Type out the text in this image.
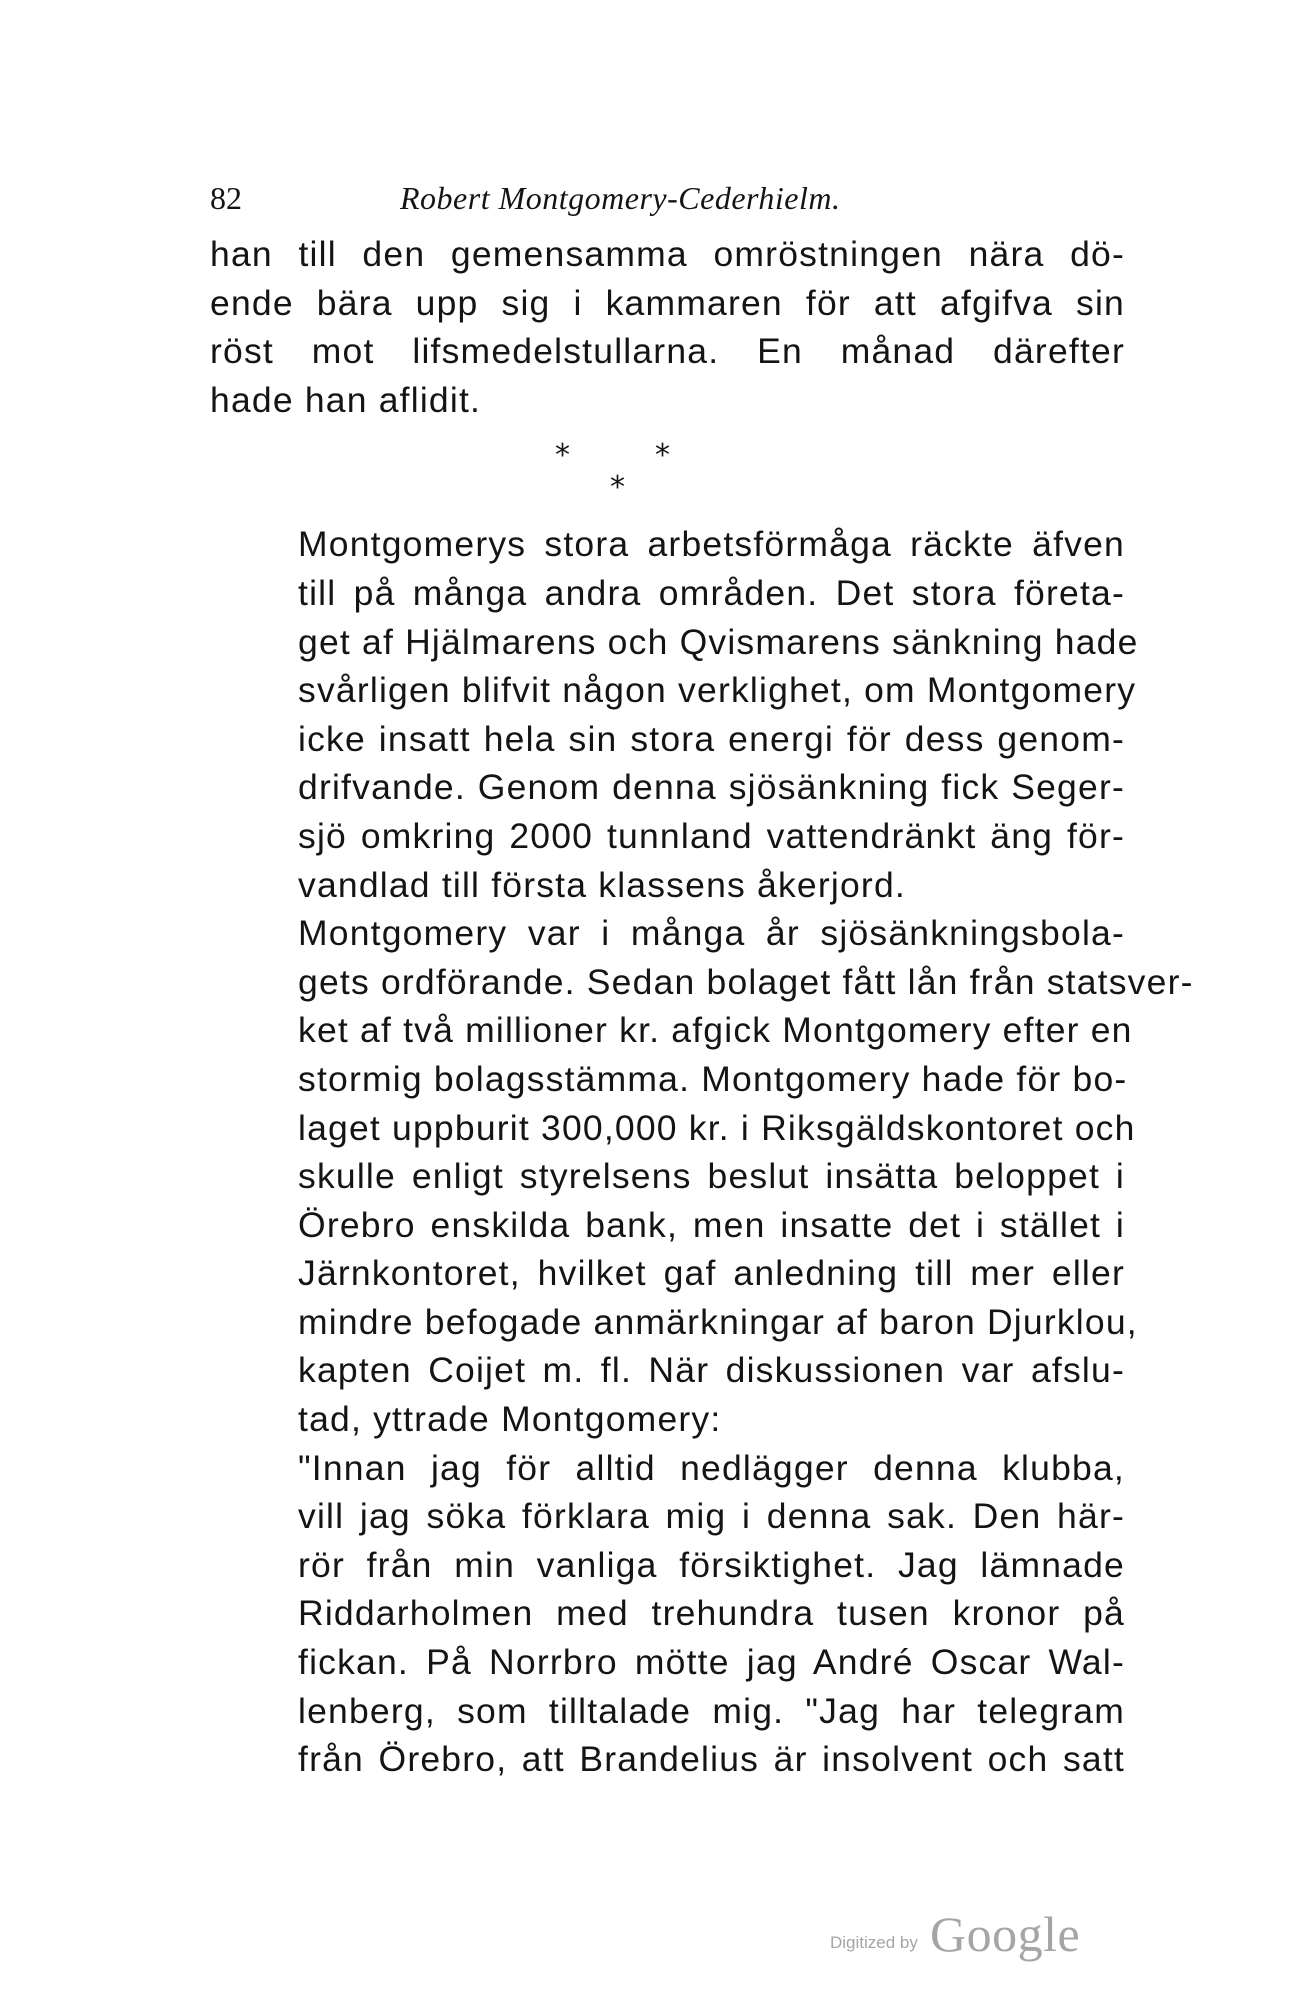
82	Robert Montgomery-Cederhielm.

han till den gemensamma omröstningen nära dö-
ende bära upp sig i kammaren för att afgifva sin
röst mot lifsmedelstullarna. En månad därefter
hade han aflidit.

*	*
*

Montgomerys stora arbetsförmåga räckte äfven
till på många andra områden. Det stora företa-
get af Hjälmarens och Qvismarens sänkning hade
svårligen blifvit någon verklighet, om Montgomery
icke insatt hela sin stora energi för dess genom-
drifvande. Genom denna sjösänkning fick Seger-
sjö omkring 2000 tunnland vattendränkt äng för-
vandlad till första klassens åkerjord.

Montgomery var i många år sjösänkningsbola-
gets ordförande. Sedan bolaget fått lån från statsver-
ket af två millioner kr. afgick Montgomery efter en
stormig bolagsstämma. Montgomery hade för bo-
laget uppburit 300,000 kr. i Riksgäldskontoret och
skulle enligt styrelsens beslut insätta beloppet i
Örebro enskilda bank, men insatte det i stället i
Järnkontoret, hvilket gaf anledning till mer eller
mindre befogade anmärkningar af baron Djurklou,
kapten Coijet m. fl. När diskussionen var afslu-
tad, yttrade Montgomery:

"Innan jag för alltid nedlägger denna klubba,
vill jag söka förklara mig i denna sak. Den här-
rör från min vanliga försiktighet. Jag lämnade
Riddarholmen med trehundra tusen kronor på
fickan. På Norrbro mötte jag André Oscar Wal-
lenberg, som tilltalade mig. "Jag har telegram
från Örebro, att Brandelius är insolvent och satt

Digitized by Google
